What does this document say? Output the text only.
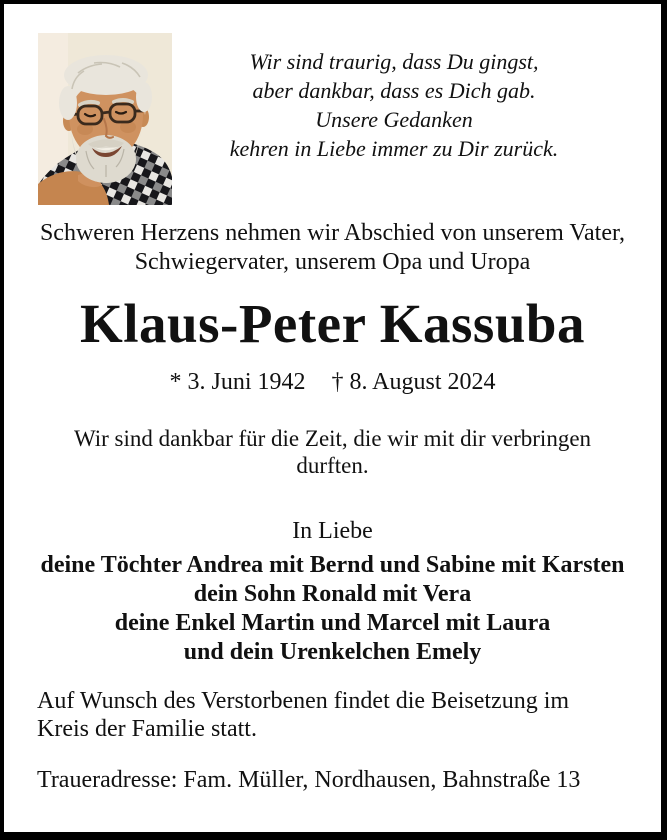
Wir sind traurig, dass Du gingst,
aber dankbar, dass es Dich gab.
Unsere Gedanken
kehren in Liebe immer zu Dir zurück.
Schweren Herzens nehmen wir Abschied von unserem Vater,
Schwiegervater, unserem Opa und Uropa
Klaus-Peter Kassuba
* 3. Juni 1942 † 8. August 2024
Wir sind dankbar für die Zeit, die wir mit dir verbringen
durften.
In Liebe
deine Töchter Andrea mit Bernd und Sabine mit Karsten
dein Sohn Ronald mit Vera
deine Enkel Martin und Marcel mit Laura
und dein Urenkelchen Emely
Auf Wunsch des Verstorbenen findet die Beisetzung im
Kreis der Familie statt.
Traueradresse: Fam. Müller, Nordhausen, Bahnstraße 13
